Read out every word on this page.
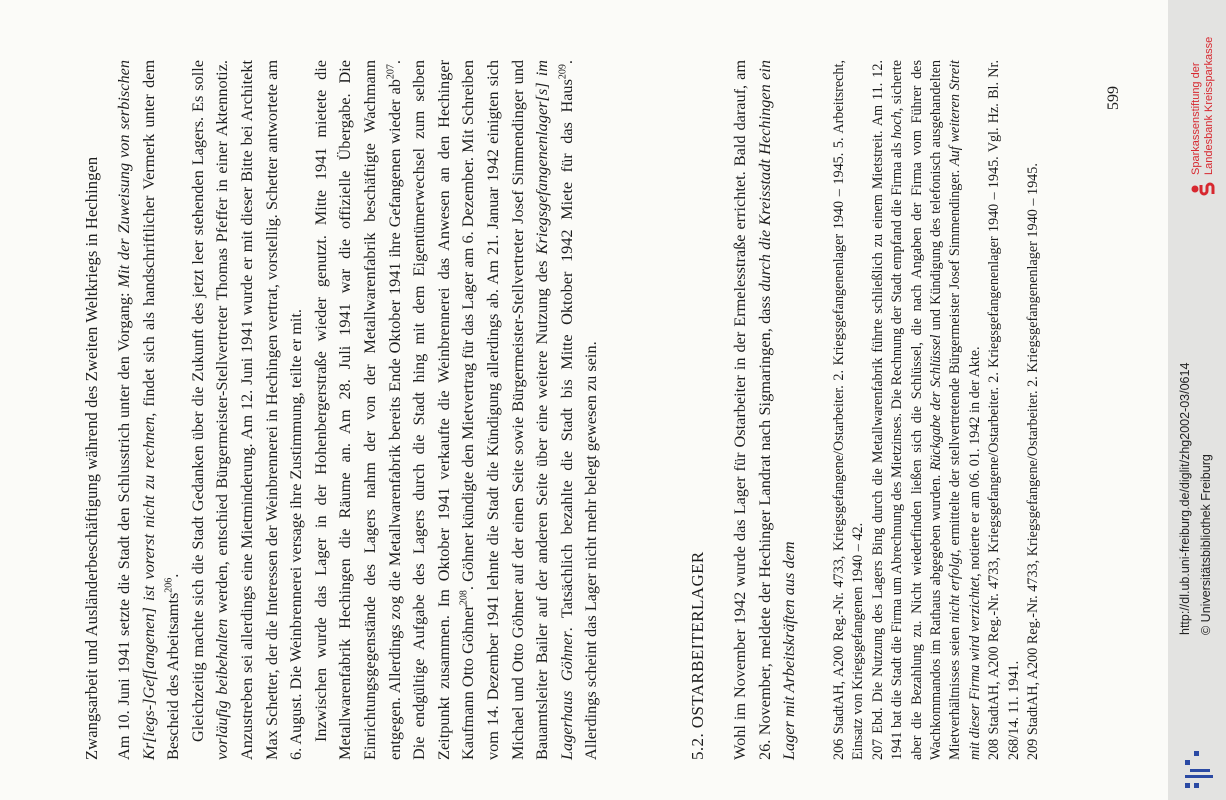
Zwangsarbeit und Ausländerbeschäftigung während des Zweiten Weltkriegs in Hechingen Am 10. Juni 1941 setzte die Stadt den Schlusstrich unter den Vorgang: Mit der Zuweisung von serbischen Kr[iegs-]Gef[angenen] ist vorerst nicht zu rechnen, findet sich als handschriftlicher Vermerk unter dem Bescheid des Arbeitsamts$^{206}$. Gleichzeitig machte sich die Stadt Gedanken über die Zukunft des jetzt leer stehenden Lagers. Es solle vorläufig beibehalten werden, entschied Bürgermeister-Stellvertreter Thomas Pfeffer in einer Aktennotiz. Anzustreben sei allerdings eine Mietminderung. Am 12. Juni 1941 wurde er mit dieser Bitte bei Architekt Max Schetter, der die Interessen der Weinbrennerei in Hechingen vertrat, vorstellig. Schetter antwortete am 6. August. Die Weinbrennerei versage ihre Zustimmung, teilte er mit. Inzwischen wurde das Lager in der Hohenbergerstraße wieder genutzt. Mitte 1941 mietete die Metallwarenfabrik Hechingen die Räume an. Am 28. Juli 1941 war die offizielle Übergabe. Die Einrichtungsgegenstände des Lagers nahm der von der Metallwarenfabrik beschäftigte Wachmann entgegen. Allerdings zog die Metallwarenfabrik bereits Ende Oktober 1941 ihre Gefangenen wieder $ab^{207}$. Die endgültige Aufgabe des Lagers durch die Stadt hing mit dem Eigentümerwechsel zum selben Zeitpunkt zusammen. Im Oktober 1941 verkaufte die Weinbrennerei das Anwesen an den Hechinger Kaufmann Otto Göhner$^{208}$. Göhner kündigte den Mietvertrag für das Lager am 6. Dezember. Mit Schreiben vom 14. Dezember 1941 lehnte die Stadt die Kündigung allerdings ab. Am 21. Januar 1942 einigten sich Michael und Otto Göhner auf der einen Seite sowie Bürgermeister-Stellvertreter Josef Simmendinger und Bauamtsleiter Bailer auf der anderen Seite über eine weitere Nutzung des Kriegsgefangenenlager[s] im Lagerhaus Göhner. Tatsächlich bezahlte die Stadt bis Mitte Oktober 1942 Miete für das Haus$^{209}$. Allerdings scheint das Lager nicht mehr belegt gewesen zu sein.	5.2. OSTARBEITERLAGER Wohl im November 1942 wurde das Lager für Ostarbeiter in der Ermelesstraße errichtet. Bald darauf, am 26. November, meldete der Hechinger Landrat nach Sigmaringen, dass durch die Kreisstadt Hechingen ein Lager mit Arbeitskräften aus dem 206 StadtAH, A200 Reg.-Nr. 4733, Kriegsgefangene/Ostarbeiter. 2. Kriegsgefangenenlager 1940 – 1945. 5. Arbeitsrecht, Einsatz von Kriegsgefangenen 1940 – 42. 207 Ebd. Die Nutzung des Lagers Bing durch die Metallwarenfabrik führte schließlich zu einem Mietstreit. Am 11. 12. 1941 bat die Stadt die Firma um Abrechnung des Mietzinses. Die Rechnung der Stadt empfand die Firma als hoch, sicherte aber die Bezahlung zu. Nicht wiederfinden ließen sich die Schlüssel, die nach Angaben der Firma vom Führer des Wachkommandos im Rathaus abgegeben wurden. Rückgabe der Schlüssel und Kündigung des telefonisch ausgehandelten Mietverhältnisses seien nicht erfolgt, ermittelte der stellvertretende Bürgermeister Josef Simmendinger. Auf weiteren Streit mit dieser Firma wird verzichtet, notierte er am 06. 01. 1942 in der Akte. 208 StadtAH, A200 Reg.-Nr. 4733, Kriegsgefangene/Ostarbeiter. 2. Kriegsgefangenenlager 1940 – 1945. Vgl. Hz. Bl. Nr. 268/14. 11. 1941. 209 StadtAH, A200 Reg.-Nr. 4733, Kriegsgefangene/Ostarbeiter. 2. Kriegsgefangenenlager 1940 – 1945.

599
http://dl.ub.uni-freiburg.de/diglit/zhg2002-03/0614 © Universitätsbibliothek Freiburg
Sparkassenstiftung der Landesbank Kreissparkasse
